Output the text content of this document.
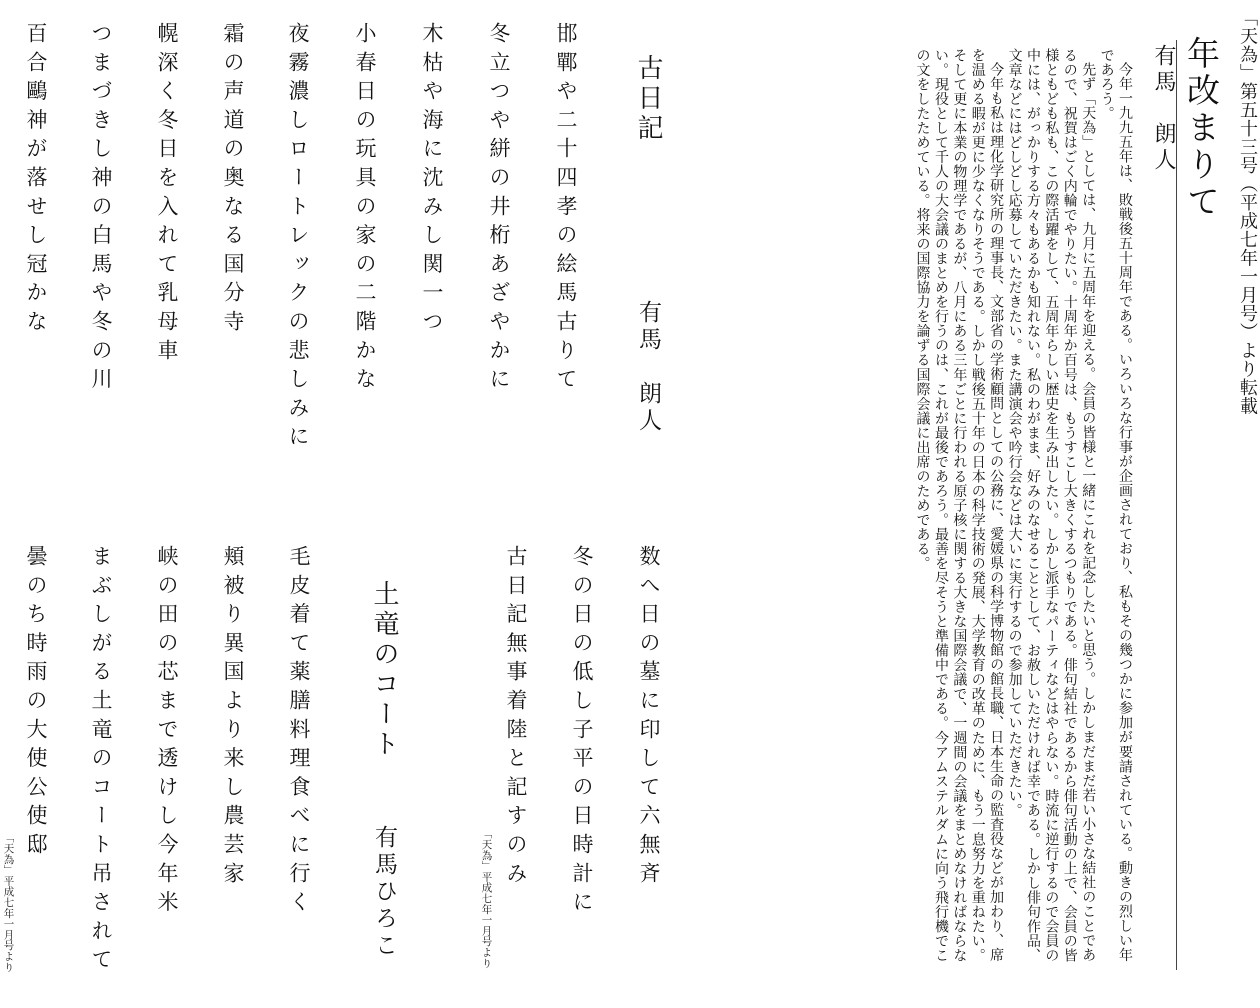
「天為」第五十三号（平成七年一月号）より転載
年改まりて
有馬　朗人

今年一九九五年は、敗戦後五十周年である。いろいろな行事が企画されており、私もその幾つかに参加が要請されている。動きの烈しい年であろう。

先ず「天為」としては、九月に五周年を迎える。会員の皆様と一緒にこれを記念したいと思う。しかしまだまだ若い小さな結社のことであるので、祝賀はごく内輪でやりたい。十周年か百号は、もうすこし大きくするつもりである。俳句結社であるから俳句活動の上で、会員の皆様ともども私も、この際活躍をして、五周年らしい歴史を生み出したい。しかし派手なパーティなどはやらない。時流に逆行するので会員の中には、がっかりする方々もあるかも知れない。私のわがまま、好みのなせることとして、お赦しいただければ幸である。しかし俳句作品、文章などにはどしどし応募していただきたい。また講演会や吟行会などは大いに実行するので参加していただきたい。

今年も私は理化学研究所の理事長、文部省の学術顧問としての公務に、愛媛県の科学博物館の館長職、日本生命の監査役などが加わり、席を温める暇が更に少なくなりそうである。しかし戦後五十年の日本の科学技術の発展、大学教育の改革のために、もう一息努力を重ねたい。そして更に本業の物理学であるが、八月にある三年ごとに行われる原子核に関する大きな国際会議で、一週間の会議をまとめなければならない。現役として千人の大会議のまとめを行うのは、これが最後であろう。最善を尽そうと準備中である。今アムステルダムに向う飛行機でこの文をしたためている。将来の国際協力を論ずる国際会議に出席のためである。

古日記
有馬　朗人
邯鄲や二十四孝の絵馬古りて
冬立つや絣の井桁あざやかに
木枯や海に沈みし関一つ
小春日の玩具の家の二階かな
夜霧濃しロートレックの悲しみに
霜の声道の奥なる国分寺
幌深く冬日を入れて乳母車
つまづきし神の白馬や冬の川
百合鷗神が落せし冠かな
数へ日の墓に印して六無斉
冬の日の低し子平の日時計に
古日記無事着陸と記すのみ
「天為」平成七年一月号より
土竜のコート
有馬ひろこ
毛皮着て薬膳料理食べに行く
頬被り異国より来し農芸家
峡の田の芯まで透けし今年米
まぶしがる土竜のコート吊されて
曇のち時雨の大使公使邸
「天為」平成七年一月号より
